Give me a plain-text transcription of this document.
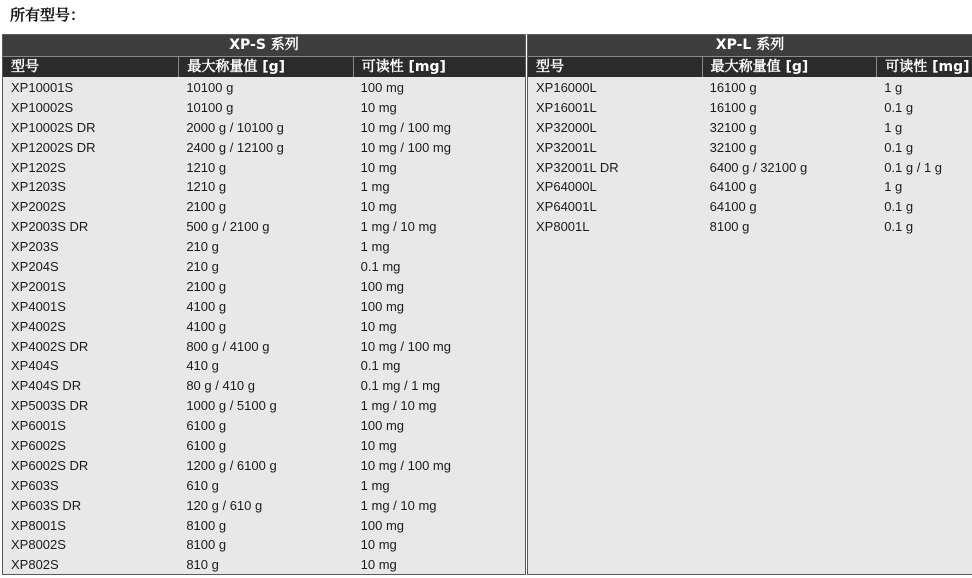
所有型号：
XP-S 系列
型号	最大称量值 [g]	可读性 [mg]
XP10001S	10100 g	100 mg
XP10002S	10100 g	10 mg
XP10002S DR	2000 g / 10100 g	10 mg / 100 mg
XP12002S DR	2400 g / 12100 g	10 mg / 100 mg
XP1202S	1210 g	10 mg
XP1203S	1210 g	1 mg
XP2002S	2100 g	10 mg
XP2003S DR	500 g / 2100 g	1 mg / 10 mg
XP203S	210 g	1 mg
XP204S	210 g	0.1 mg
XP2001S	2100 g	100 mg
XP4001S	4100 g	100 mg
XP4002S	4100 g	10 mg
XP4002S DR	800 g / 4100 g	10 mg / 100 mg
XP404S	410 g	0.1 mg
XP404S DR	80 g / 410 g	0.1 mg / 1 mg
XP5003S DR	1000 g / 5100 g	1 mg / 10 mg
XP6001S	6100 g	100 mg
XP6002S	6100 g	10 mg
XP6002S DR	1200 g / 6100 g	10 mg / 100 mg
XP603S	610 g	1 mg
XP603S DR	120 g / 610 g	1 mg / 10 mg
XP8001S	8100 g	100 mg
XP8002S	8100 g	10 mg
XP802S	810 g	10 mg
XP-L 系列
型号	最大称量值 [g]	可读性 [mg]
XP16000L	16100 g	1 g
XP16001L	16100 g	0.1 g
XP32000L	32100 g	1 g
XP32001L	32100 g	0.1 g
XP32001L DR	6400 g / 32100 g	0.1 g / 1 g
XP64000L	64100 g	1 g
XP64001L	64100 g	0.1 g
XP8001L	8100 g	0.1 g
